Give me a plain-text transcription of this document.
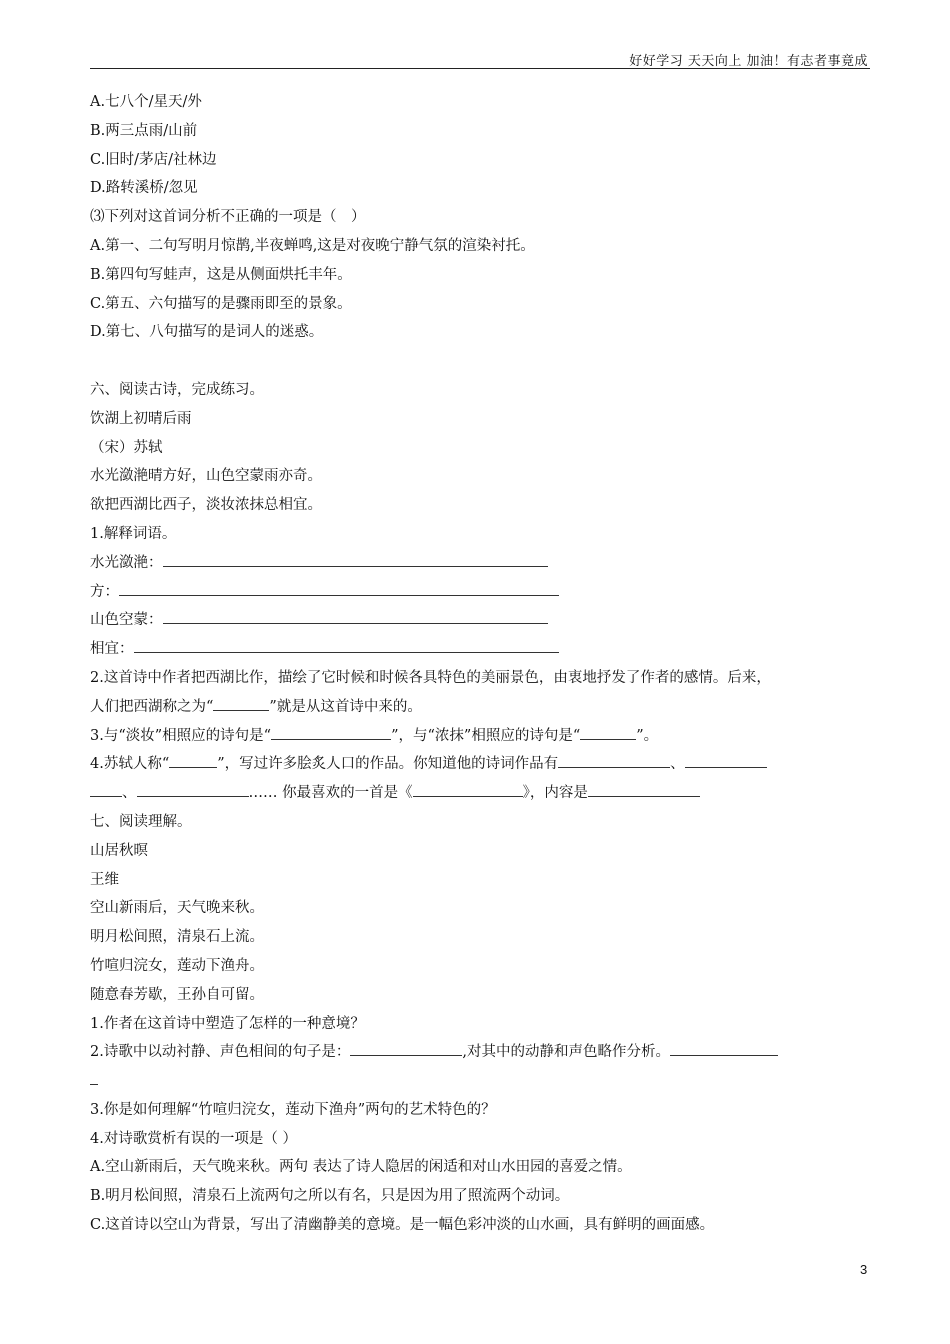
好好学习 天天向上 加油！有志者事竟成
A.七八个/星天/外
B.两三点雨/山前
C.旧时/茅店/社林边
D.路转溪桥/忽见
⑶下列对这首词分析不正确的一项是（　）
A.第一、二句写明月惊鹊,半夜蝉鸣,这是对夜晚宁静气氛的渲染衬托。
B.第四句写蛙声，这是从侧面烘托丰年。
C.第五、六句描写的是骤雨即至的景象。
D.第七、八句描写的是词人的迷惑。
六、阅读古诗，完成练习。
饮湖上初晴后雨
（宋）苏轼
水光潋滟晴方好，山色空蒙雨亦奇。
欲把西湖比西子，淡妆浓抹总相宜。
1.解释词语。
水光潋滟：
方：
山色空蒙：
相宜：
2.这首诗中作者把西湖比作，描绘了它时候和时候各具特色的美丽景色，由衷地抒发了作者的感情。后来，
人们把西湖称之为“	”就是从这首诗中来的。
3.与“淡妆”相照应的诗句是“	”，与“浓抹”相照应的诗句是“	”。
4.苏轼人称“	”，写过许多脍炙人口的作品。你知道他的诗词作品有	、
、	…… 你最喜欢的一首是《	》，内容是
七、阅读理解。
山居秋暝
王维
空山新雨后，天气晚来秋。
明月松间照，清泉石上流。
竹喧归浣女，莲动下渔舟。
随意春芳歇，王孙自可留。
1.作者在这首诗中塑造了怎样的一种意境？
2.诗歌中以动衬静、声色相间的句子是：	,对其中的动静和声色略作分析。
3.你是如何理解“竹喧归浣女，莲动下渔舟”两句的艺术特色的？
4.对诗歌赏析有误的一项是（ ）
A.空山新雨后，天气晚来秋。两句 表达了诗人隐居的闲适和对山水田园的喜爱之情。
B.明月松间照，清泉石上流两句之所以有名，只是因为用了照流两个动词。
C.这首诗以空山为背景，写出了清幽静美的意境。是一幅色彩冲淡的山水画，具有鲜明的画面感。
3
